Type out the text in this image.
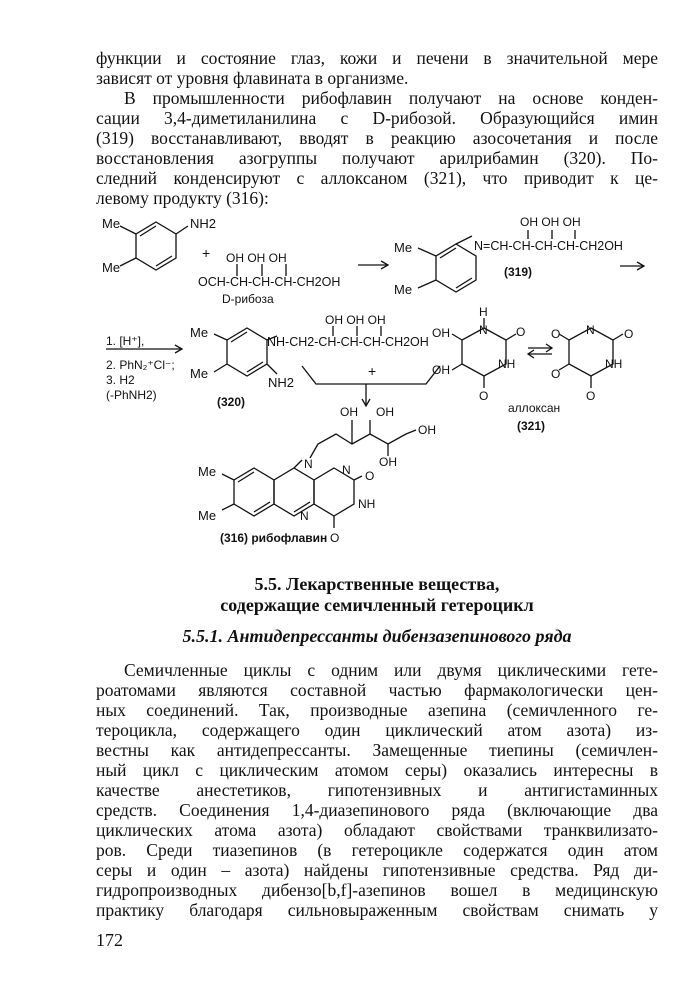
функции и состояние глаз, кожи и печени в значительной мере
зависят от уровня флавината в организме.

В промышленности рибофлавин получают на основе конден-
сации 3,4-диметиланилина с D-рибозой. Образующийся имин
(319) восстанавливают, вводят в реакцию азосочетания и после
восстановления азогруппы получают арилрибамин (320). По-
следний конденсируют с аллоксаном (321), что приводит к це-
левому продукту (316):

Me
Me
NH2
+ OH OH OH
OCH-CH-CH-CH-CH2OH
D-рибоза
Me
Me
OH OH OH
N=CH-CH-CH-CH-CH2OH
(319)
1. [H⁺],
2. PhN₂⁺Cl⁻;
3. H2
(-PhNH2)
Me
Me
OH OH OH
NH-CH2-CH-CH-CH-CH2OH
NH2
(320)
+
H
N O
OH
OH	NH
O
O
O
N O
NH
O
аллоксан
(321)
OH OH
OH
OH
N N O
NH
N
O
Me
Me
(316) рибофлавин

5.5. Лекарственные вещества,

содержащие семичленный гетероцикл

5.5.1. Антидепрессанты дибензазепинового ряда

Семичленные циклы с одним или двумя циклическими гете-
роатомами являются составной частью фармакологически цен-
ных соединений. Так, производные азепина (семичленного ге-
тероцикла, содержащего один циклический атом азота) из-
вестны как антидепрессанты. Замещенные тиепины (семичлен-
ный цикл с циклическим атомом серы) оказались интересны в
качестве анестетиков, гипотензивных и антигистаминных
средств. Соединения 1,4-диазепинового ряда (включающие два
циклических атома азота) обладают свойствами транквилизато-
ров. Среди тиазепинов (в гетероцикле содержатся один атом
серы и один – азота) найдены гипотензивные средства. Ряд ди-
гидропроизводных дибензо[b,f]-азепинов вошел в медицинскую
практику благодаря сильновыраженным свойствам снимать у

172
